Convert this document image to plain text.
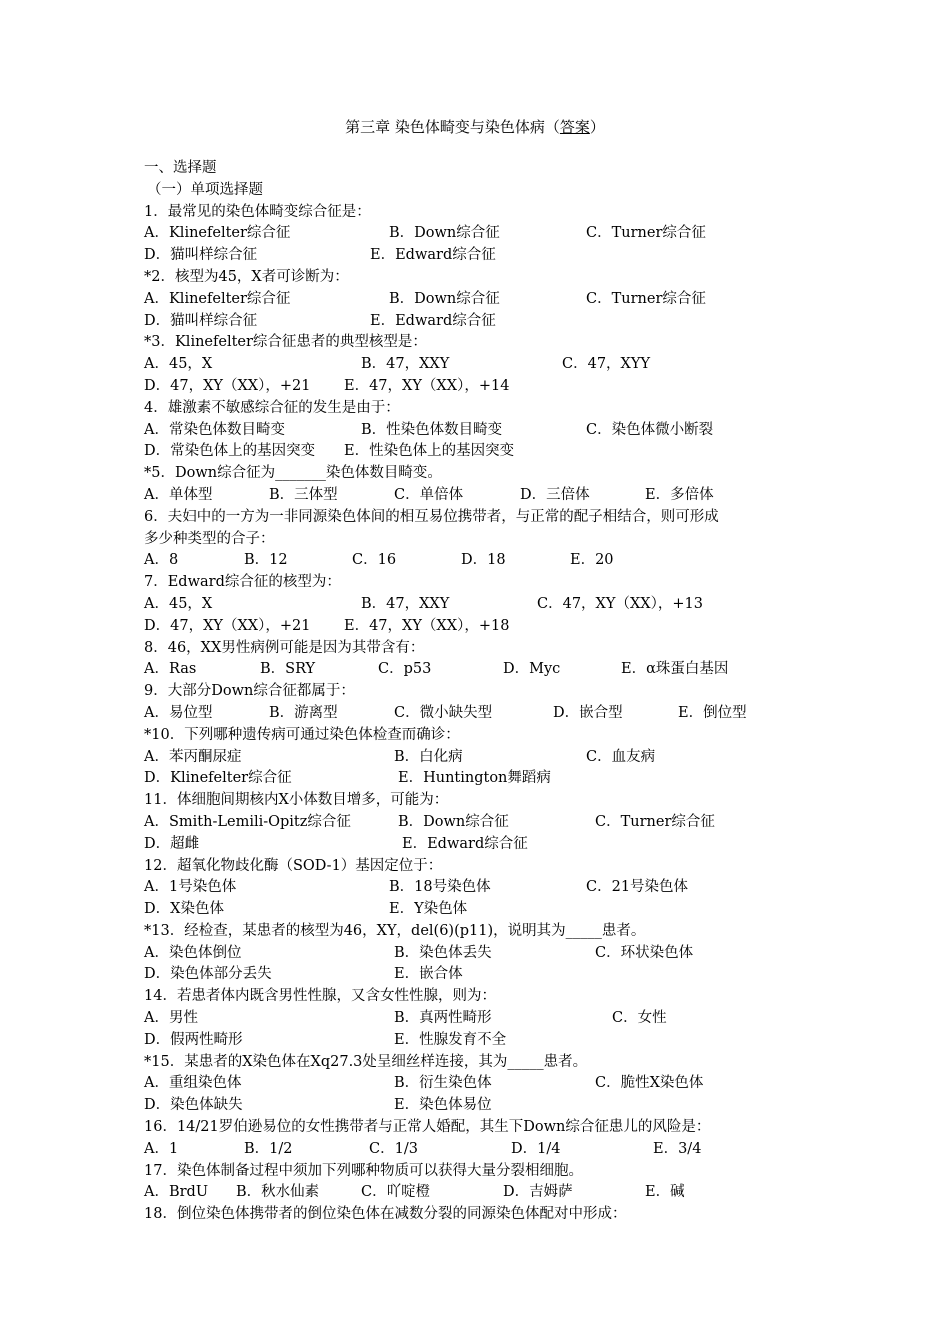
第三章 染色体畸变与染色体病（答案）
一、选择题
（一）单项选择题
1．最常见的染色体畸变综合征是：
A．Klinefelter综合征	B．Down综合征	C．Turner综合征
D．猫叫样综合征	E．Edward综合征
*2．核型为45，X者可诊断为：
A．Klinefelter综合征	B．Down综合征	C．Turner综合征
D．猫叫样综合征	E．Edward综合征
*3．Klinefelter综合征患者的典型核型是：
A．45，X	B．47，XXY	C．47，XYY
D．47，XY（XX），+21 E．47，XY（XX），+14
4．雄激素不敏感综合征的发生是由于：
A．常染色体数目畸变	B．性染色体数目畸变	C．染色体微小断裂
D．常染色体上的基因突变 E．性染色体上的基因突变
*5．Down综合征为_______染色体数目畸变。
A．单体型	B．三体型	C．单倍体	D．三倍体	E．多倍体
6．夫妇中的一方为一非同源染色体间的相互易位携带者，与正常的配子相结合，则可形成
多少种类型的合子：
A．8	B．12	C．16	D．18	E．20
7．Edward综合征的核型为：
A．45，X	B．47，XXY	C．47，XY（XX），+13
D．47，XY（XX），+21 E．47，XY（XX），+18
8．46，XX男性病例可能是因为其带含有：
A．Ras	B．SRY	C．p53	D．Myc	E．α珠蛋白基因
9．大部分Down综合征都属于：
A．易位型	B．游离型	C．微小缺失型	D．嵌合型	E．倒位型
*10．下列哪种遗传病可通过染色体检查而确诊：
A．苯丙酮尿症	B．白化病	C．血友病
D．Klinefelter综合征	E．Huntington舞蹈病
11．体细胞间期核内X小体数目增多，可能为：
A．Smith-Lemili-Opitz综合征	B．Down综合征	C．Turner综合征
D．超雌	E．Edward综合征
12．超氧化物歧化酶（SOD-1）基因定位于：
A．1号染色体	B．18号染色体	C．21号染色体
D．X染色体	E．Y染色体
*13．经检查，某患者的核型为46，XY，del(6)(p11)，说明其为_____患者。
A．染色体倒位	B．染色体丢失	C．环状染色体
D．染色体部分丢失	E．嵌合体
14．若患者体内既含男性性腺，又含女性性腺，则为：
A．男性	B．真两性畸形	C．女性
D．假两性畸形	E．性腺发育不全
*15．某患者的X染色体在Xq27.3处呈细丝样连接，其为_____患者。
A．重组染色体	B．衍生染色体	C．脆性X染色体
D．染色体缺失	E．染色体易位
16．14/21罗伯逊易位的女性携带者与正常人婚配，其生下Down综合征患儿的风险是：
A．1	B．1/2	C．1/3	D．1/4	E．3/4
17．染色体制备过程中须加下列哪种物质可以获得大量分裂相细胞。
A．BrdU B．秋水仙素	C．吖啶橙	D．吉姆萨	E．碱
18．倒位染色体携带者的倒位染色体在减数分裂的同源染色体配对中形成：
